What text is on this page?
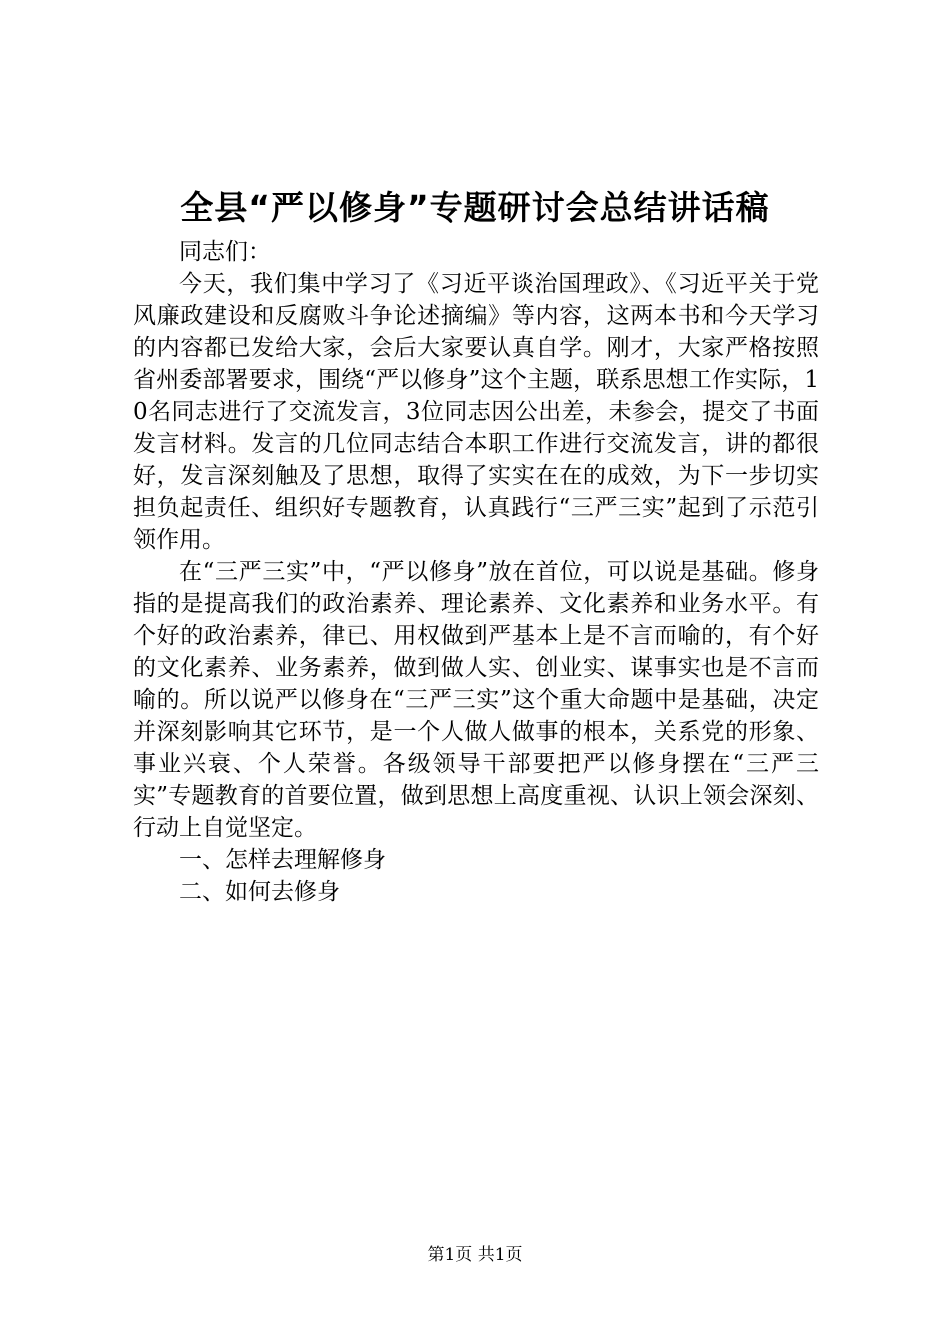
全县“严以修身”专题研讨会总结讲话稿

同志们：

今天，我们集中学习了《习近平谈治国理政》、《习近平关于党风廉政建设和反腐败斗争论述摘编》等内容，这两本书和今天学习的内容都已发给大家，会后大家要认真自学。刚才，大家严格按照省州委部署要求，围绕“严以修身”这个主题，联系思想工作实际，10名同志进行了交流发言，3位同志因公出差，未参会，提交了书面发言材料。发言的几位同志结合本职工作进行交流发言，讲的都很好，发言深刻触及了思想，取得了实实在在的成效，为下一步切实担负起责任、组织好专题教育，认真践行“三严三实”起到了示范引领作用。

在“三严三实”中，“严以修身”放在首位，可以说是基础。修身指的是提高我们的政治素养、理论素养、文化素养和业务水平。有个好的政治素养，律已、用权做到严基本上是不言而喻的，有个好的文化素养、业务素养，做到做人实、创业实、谋事实也是不言而喻的。所以说严以修身在“三严三实”这个重大命题中是基础，决定并深刻影响其它环节，是一个人做人做事的根本，关系党的形象、事业兴衰、个人荣誉。各级领导干部要把严以修身摆在“三严三实”专题教育的首要位置，做到思想上高度重视、认识上领会深刻、行动上自觉坚定。

一、怎样去理解修身

二、如何去修身

第1页 共1页
